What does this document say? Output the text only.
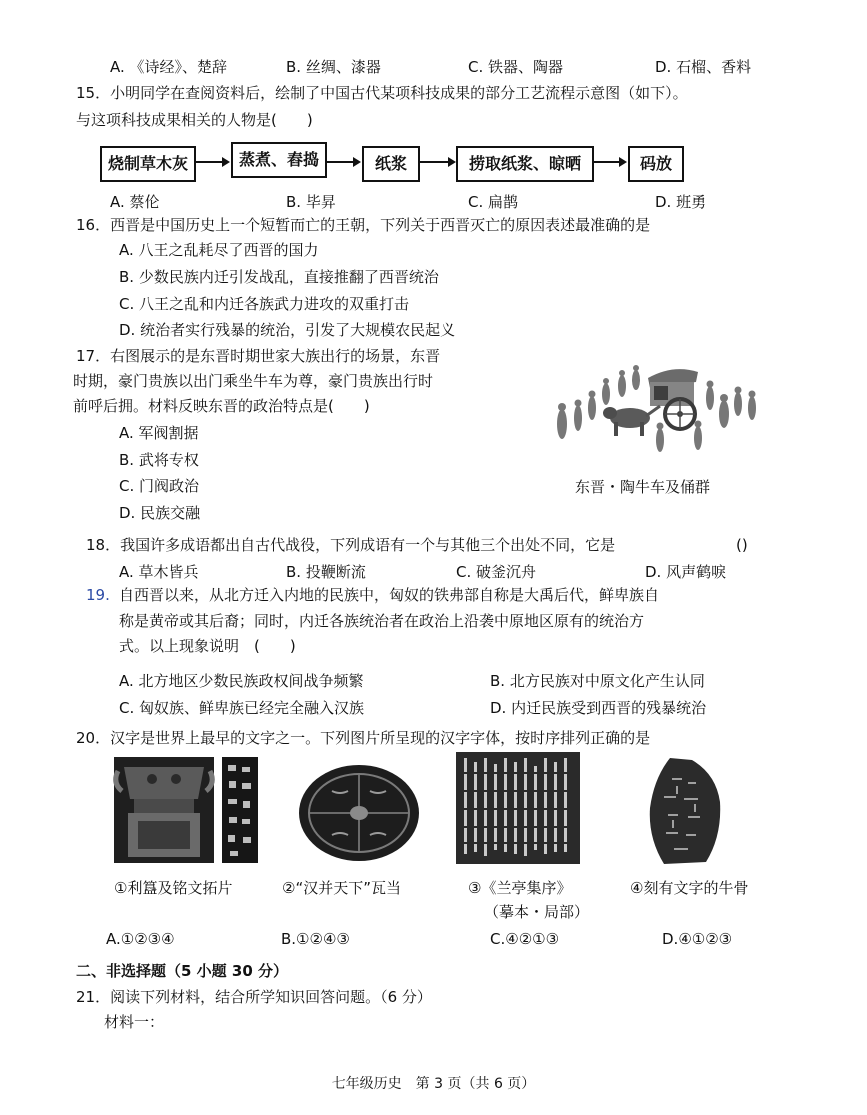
A. 《诗经》、楚辞	B. 丝绸、漆器	C. 铁器、陶器	D. 石榴、香料
15．小明同学在查阅资料后，绘制了中国古代某项科技成果的部分工艺流程示意图（如下）。
与这项科技成果相关的人物是(　　)
烧制草木灰	蒸煮、舂捣	纸浆	捞取纸浆、晾晒	码放
A. 蔡伦	B. 毕昇	C. 扁鹊	D. 班勇
16．西晋是中国历史上一个短暂而亡的王朝，下列关于西晋灭亡的原因表述最准确的是
A. 八王之乱耗尽了西晋的国力
B. 少数民族内迁引发战乱，直接推翻了西晋统治
C. 八王之乱和内迁各族武力进攻的双重打击
D. 统治者实行残暴的统治，引发了大规模农民起义
17．右图展示的是东晋时期世家大族出行的场景，东晋
时期，豪门贵族以出门乘坐牛车为尊，豪门贵族出行时
前呼后拥。材料反映东晋的政治特点是(　　)
A. 军阀割据
B. 武将专权
C. 门阀政治
D. 民族交融
东晋・陶牛车及俑群
18．我国许多成语都出自古代战役，下列成语有一个与其他三个出处不同，它是	()
A. 草木皆兵	B. 投鞭断流	C. 破釜沉舟	D. 风声鹤唳
19. 自西晋以来，从北方迁入内地的民族中，匈奴的铁弗部自称是大禹后代，鲜卑族自
称是黄帝或其后裔；同时，内迁各族统治者在政治上沿袭中原地区原有的统治方
式。以上现象说明　(　　)
A. 北方地区少数民族政权间战争频繁	B. 北方民族对中原文化产生认同
C. 匈奴族、鲜卑族已经完全融入汉族	D. 内迁民族受到西晋的残暴统治
20．汉字是世界上最早的文字之一。下列图片所呈现的汉字字体，按时序排列正确的是
①利簋及铭文拓片	②“汉并天下”瓦当	③《兰亭集序》	④刻有文字的牛骨
（摹本・局部）
A.①②③④	B.①②④③	C.④②①③	D.④①②③
二、非选择题（5 小题 30 分）
21．阅读下列材料，结合所学知识回答问题。（6 分）
材料一：
七年级历史　第 3 页（共 6 页）
